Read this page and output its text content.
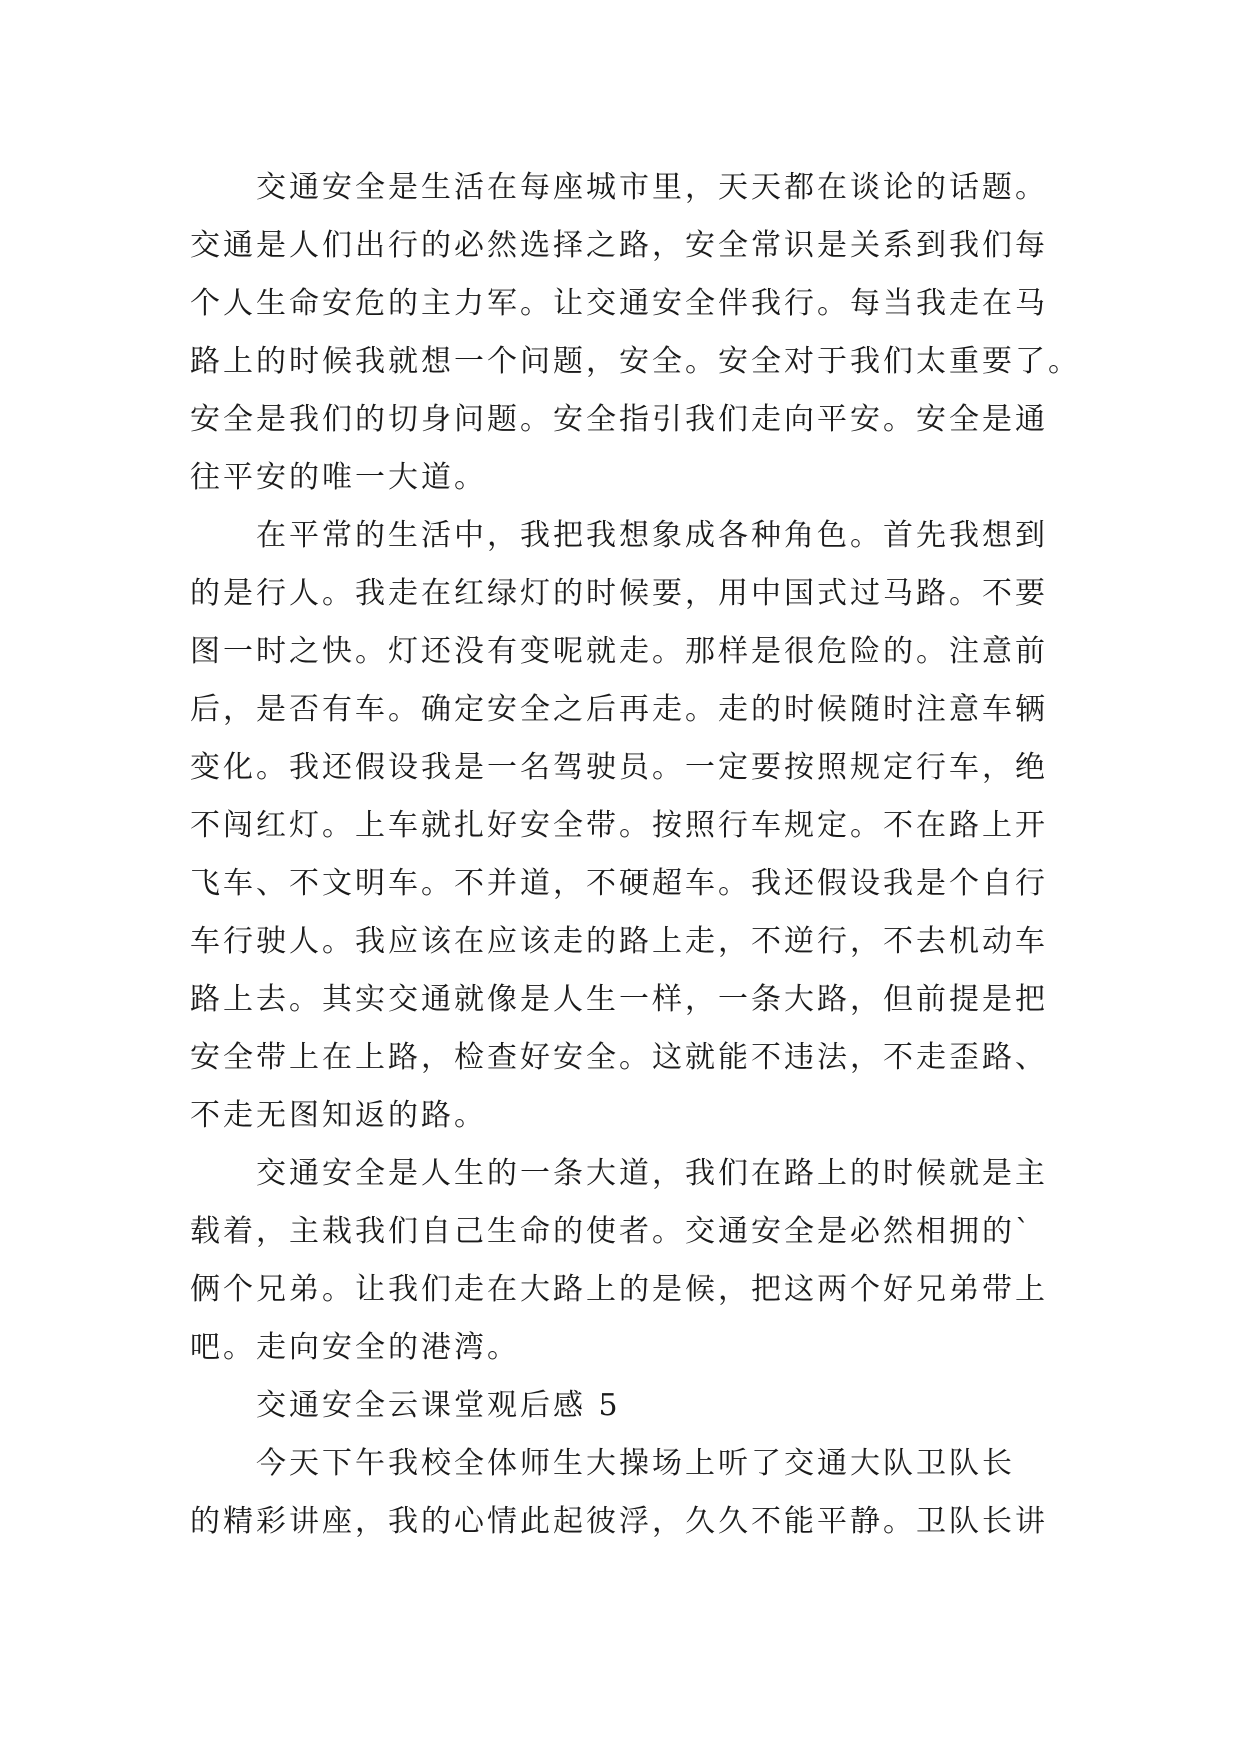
交通安全是生活在每座城市里，天天都在谈论的话题。
交通是人们出行的必然选择之路，安全常识是关系到我们每
个人生命安危的主力军。让交通安全伴我行。每当我走在马
路上的时候我就想一个问题，安全。安全对于我们太重要了。
安全是我们的切身问题。安全指引我们走向平安。安全是通
往平安的唯一大道。
在平常的生活中，我把我想象成各种角色。首先我想到
的是行人。我走在红绿灯的时候要，用中国式过马路。不要
图一时之快。灯还没有变呢就走。那样是很危险的。注意前
后，是否有车。确定安全之后再走。走的时候随时注意车辆
变化。我还假设我是一名驾驶员。一定要按照规定行车，绝
不闯红灯。上车就扎好安全带。按照行车规定。不在路上开
飞车、不文明车。不并道，不硬超车。我还假设我是个自行
车行驶人。我应该在应该走的路上走，不逆行，不去机动车
路上去。其实交通就像是人生一样，一条大路，但前提是把
安全带上在上路，检查好安全。这就能不违法，不走歪路、
不走无图知返的路。
交通安全是人生的一条大道，我们在路上的时候就是主
载着，主栽我们自己生命的使者。交通安全是必然相拥的`
俩个兄弟。让我们走在大路上的是候，把这两个好兄弟带上
吧。走向安全的港湾。
交通安全云课堂观后感 5
今天下午我校全体师生大操场上听了交通大队卫队长
的精彩讲座，我的心情此起彼浮，久久不能平静。卫队长讲
